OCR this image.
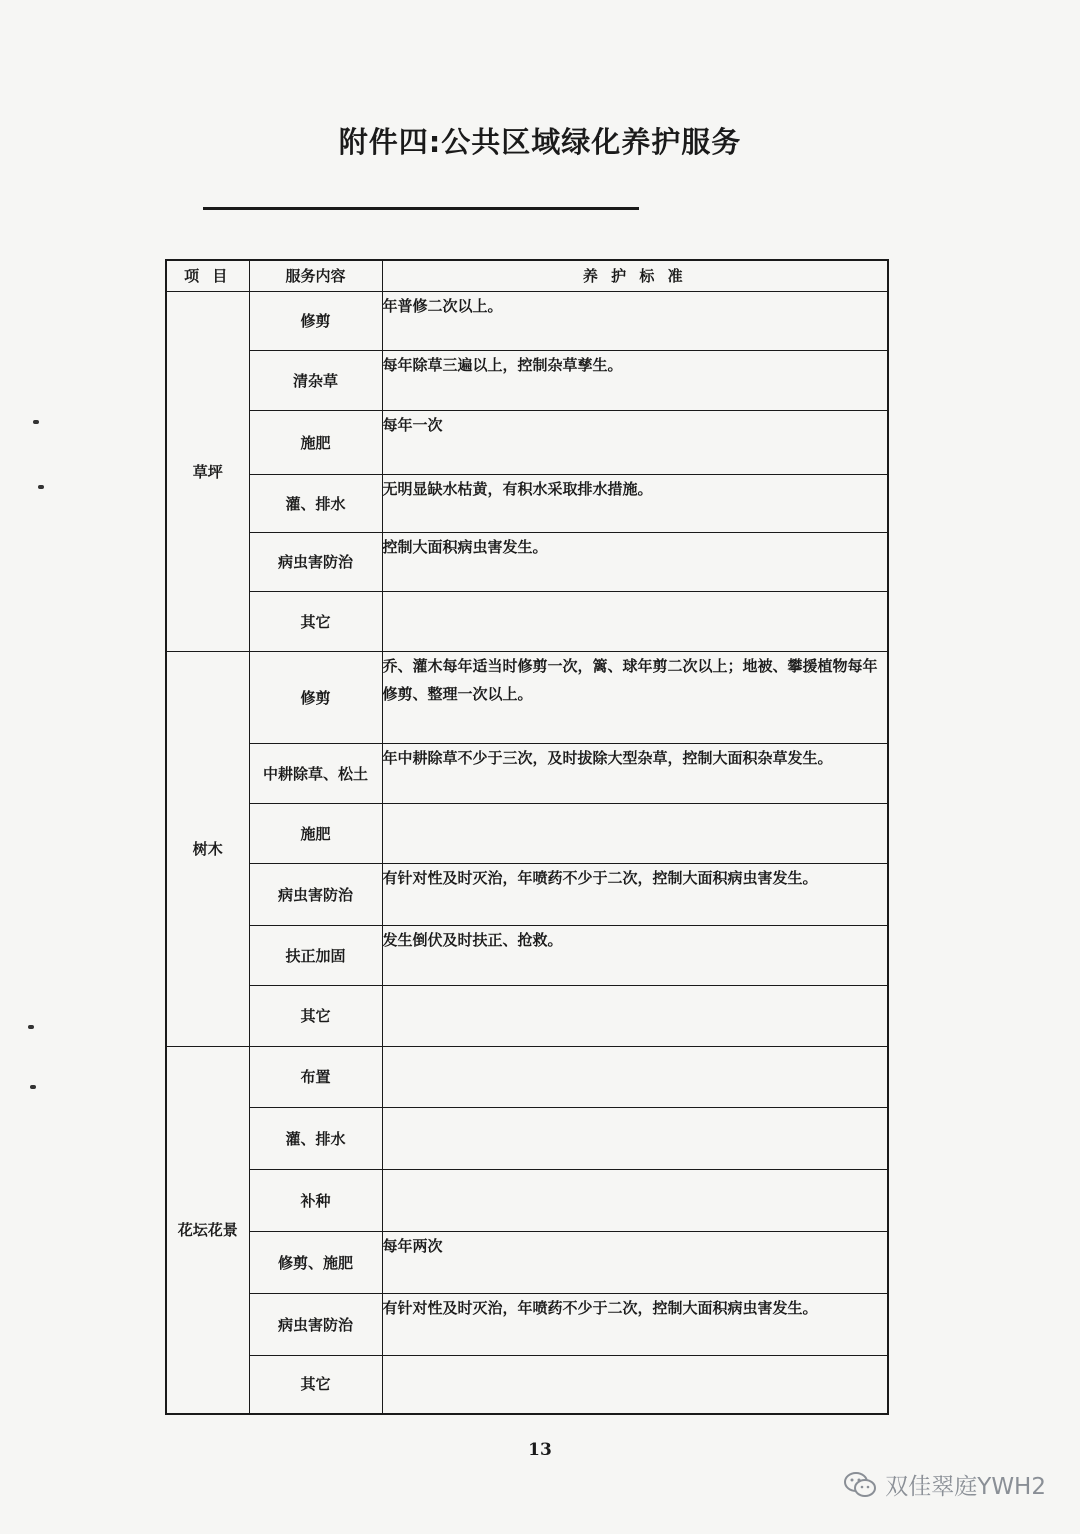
附件四:公共区域绿化养护服务
项 目	服务内容	养 护 标 准
草坪	修剪	年普修二次以上。
	清杂草	每年除草三遍以上，控制杂草孳生。
	施肥	每年一次
	灌、排水	无明显缺水枯黄，有积水采取排水措施。
	病虫害防治	控制大面积病虫害发生。
	其它	
树木	修剪	乔、灌木每年适当时修剪一次，篱、球年剪二次以上；地被、攀援植物每年修剪、整理一次以上。
	中耕除草、松土	年中耕除草不少于三次，及时拔除大型杂草，控制大面积杂草发生。
	施肥	
	病虫害防治	有针对性及时灭治，年喷药不少于二次，控制大面积病虫害发生。
	扶正加固	发生倒伏及时扶正、抢救。
	其它	
花坛花景	布置	
	灌、排水	
	补种	
	修剪、施肥	每年两次
	病虫害防治	有针对性及时灭治，年喷药不少于二次，控制大面积病虫害发生。
	其它	
13
双佳翠庭YWH2
